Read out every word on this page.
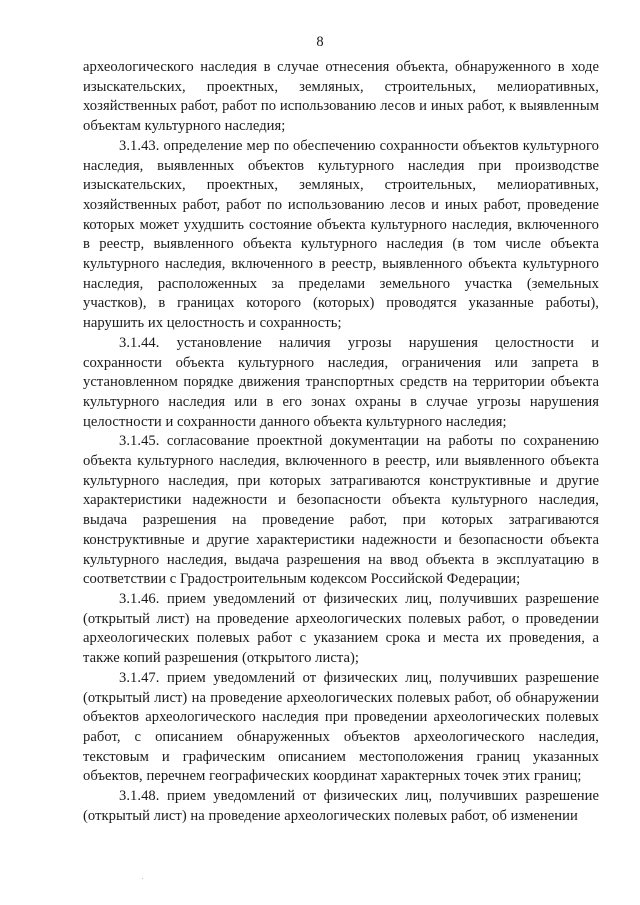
8

археологического наследия в случае отнесения объекта, обнаруженного в ходе изыскательских, проектных, земляных, строительных, мелиоративных, хозяйственных работ, работ по использованию лесов и иных работ, к выявленным объектам культурного наследия;

3.1.43. определение мер по обеспечению сохранности объектов культурного наследия, выявленных объектов культурного наследия при производстве изыскательских, проектных, земляных, строительных, мелиоративных, хозяйственных работ, работ по использованию лесов и иных работ, проведение которых может ухудшить состояние объекта культурного наследия, включенного в реестр, выявленного объекта культурного наследия (в том числе объекта культурного наследия, включенного в реестр, выявленного объекта культурного наследия, расположенных за пределами земельного участка (земельных участков), в границах которого (которых) проводятся указанные работы), нарушить их целостность и сохранность;

3.1.44. установление наличия угрозы нарушения целостности и сохранности объекта культурного наследия, ограничения или запрета в установленном порядке движения транспортных средств на территории объекта культурного наследия или в его зонах охраны в случае угрозы нарушения целостности и сохранности данного объекта культурного наследия;

3.1.45. согласование проектной документации на работы по сохранению объекта культурного наследия, включенного в реестр, или выявленного объекта культурного наследия, при которых затрагиваются конструктивные и другие характеристики надежности и безопасности объекта культурного наследия, выдача разрешения на проведение работ, при которых затрагиваются конструктивные и другие характеристики надежности и безопасности объекта культурного наследия, выдача разрешения на ввод объекта в эксплуатацию в соответствии с Градостроительным кодексом Российской Федерации;

3.1.46. прием уведомлений от физических лиц, получивших разрешение (открытый лист) на проведение археологических полевых работ, о проведении археологических полевых работ с указанием срока и места их проведения, а также копий разрешения (открытого листа);

3.1.47. прием уведомлений от физических лиц, получивших разрешение (открытый лист) на проведение археологических полевых работ, об обнаружении объектов археологического наследия при проведении археологических полевых работ, с описанием обнаруженных объектов археологического наследия, текстовым и графическим описанием местоположения границ указанных объектов, перечнем географических координат характерных точек этих границ;

3.1.48. прием уведомлений от физических лиц, получивших разрешение (открытый лист) на проведение археологических полевых работ, об изменении
